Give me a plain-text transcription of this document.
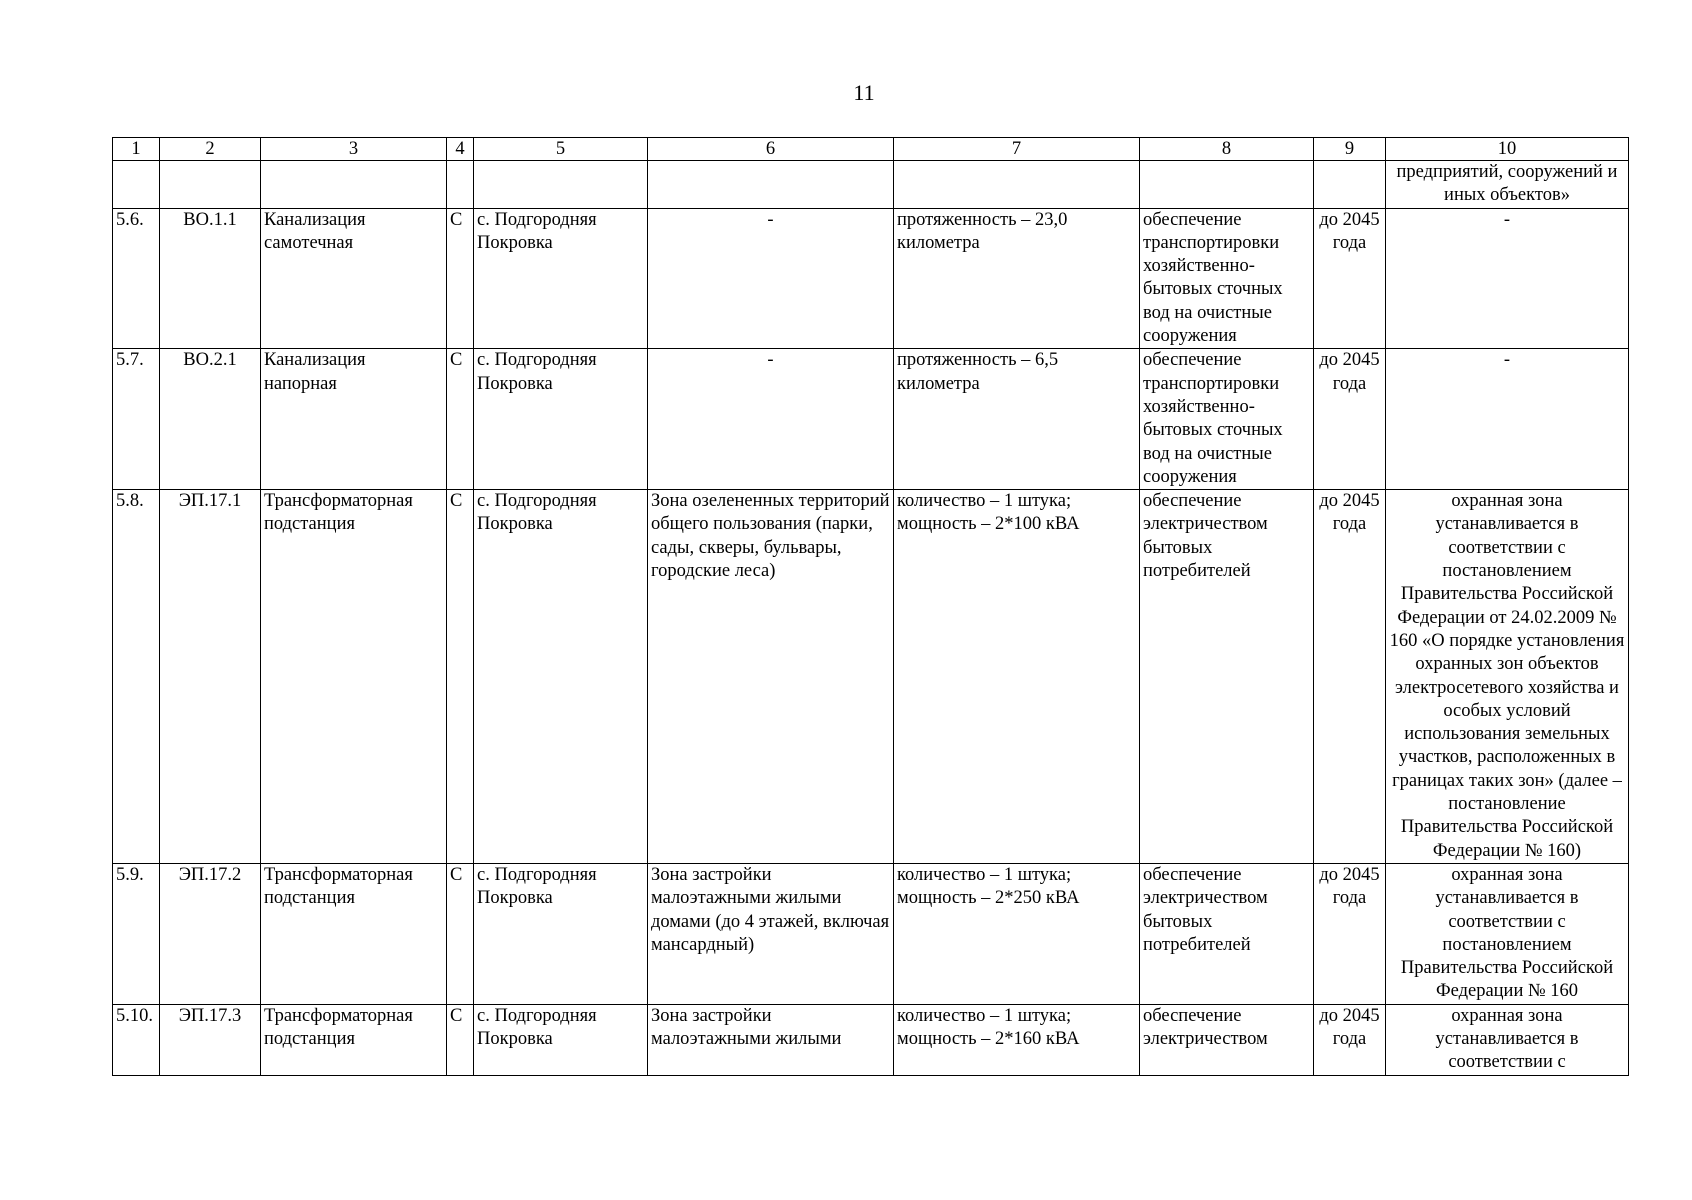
11
1	2	3	4	5	6	7	8	9	10
									предприятий, сооружений и иных объектов»
5.6.	ВО.1.1	Канализация самотечная	С	с. Подгородняя Покровка	-	протяженность – 23,0 километра	обеспечение транспортировки хозяйственно-бытовых сточных вод на очистные сооружения	до 2045 года	-
5.7.	ВО.2.1	Канализация напорная	С	с. Подгородняя Покровка	-	протяженность – 6,5 километра	обеспечение транспортировки хозяйственно-бытовых сточных вод на очистные сооружения	до 2045 года	-
5.8.	ЭП.17.1	Трансформаторная подстанция	С	с. Подгородняя Покровка	Зона озелененных территорий общего пользования (парки, сады, скверы, бульвары, городские леса)	количество – 1 штука; мощность – 2*100 кВА	обеспечение электричеством бытовых потребителей	до 2045 года	охранная зона устанавливается в соответствии с постановлением Правительства Российской Федерации от 24.02.2009 № 160 «О порядке установления охранных зон объектов электросетевого хозяйства и особых условий использования земельных участков, расположенных в границах таких зон» (далее – постановление Правительства Российской Федерации № 160)
5.9.	ЭП.17.2	Трансформаторная подстанция	С	с. Подгородняя Покровка	Зона застройки малоэтажными жилыми домами (до 4 этажей, включая мансардный)	количество – 1 штука; мощность – 2*250 кВА	обеспечение электричеством бытовых потребителей	до 2045 года	охранная зона устанавливается в соответствии с постановлением Правительства Российской Федерации № 160
5.10.	ЭП.17.3	Трансформаторная подстанция	С	с. Подгородняя Покровка	Зона застройки малоэтажными жилыми	количество – 1 штука; мощность – 2*160 кВА	обеспечение электричеством	до 2045 года	охранная зона устанавливается в соответствии с
